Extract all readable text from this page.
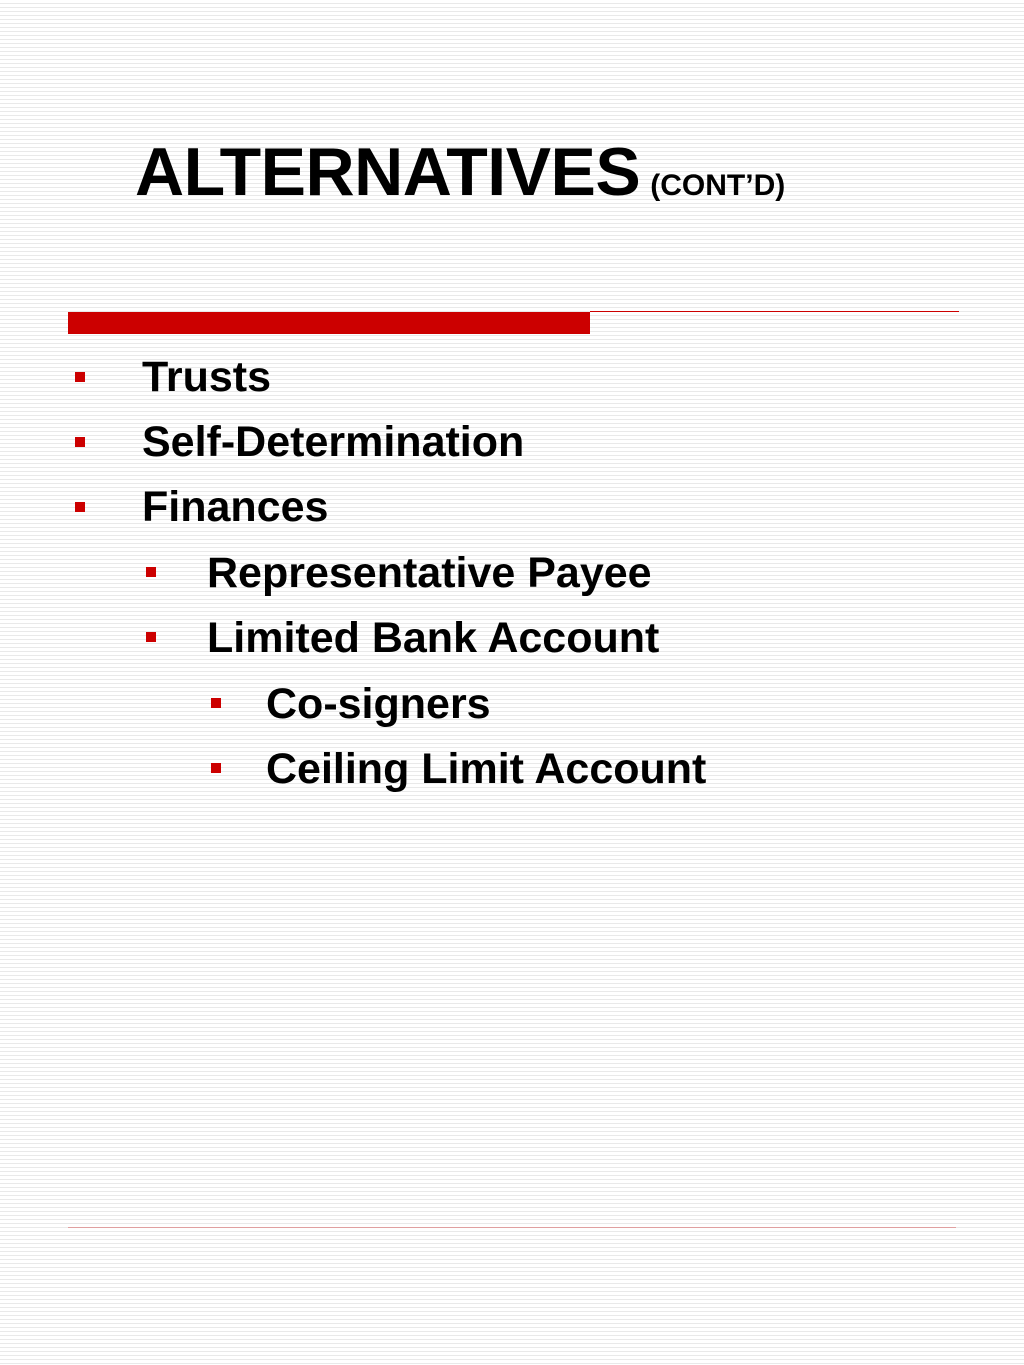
ALTERNATIVES (CONT’D)
Trusts
Self-Determination
Finances
Representative Payee
Limited Bank Account
Co-signers
Ceiling Limit Account
